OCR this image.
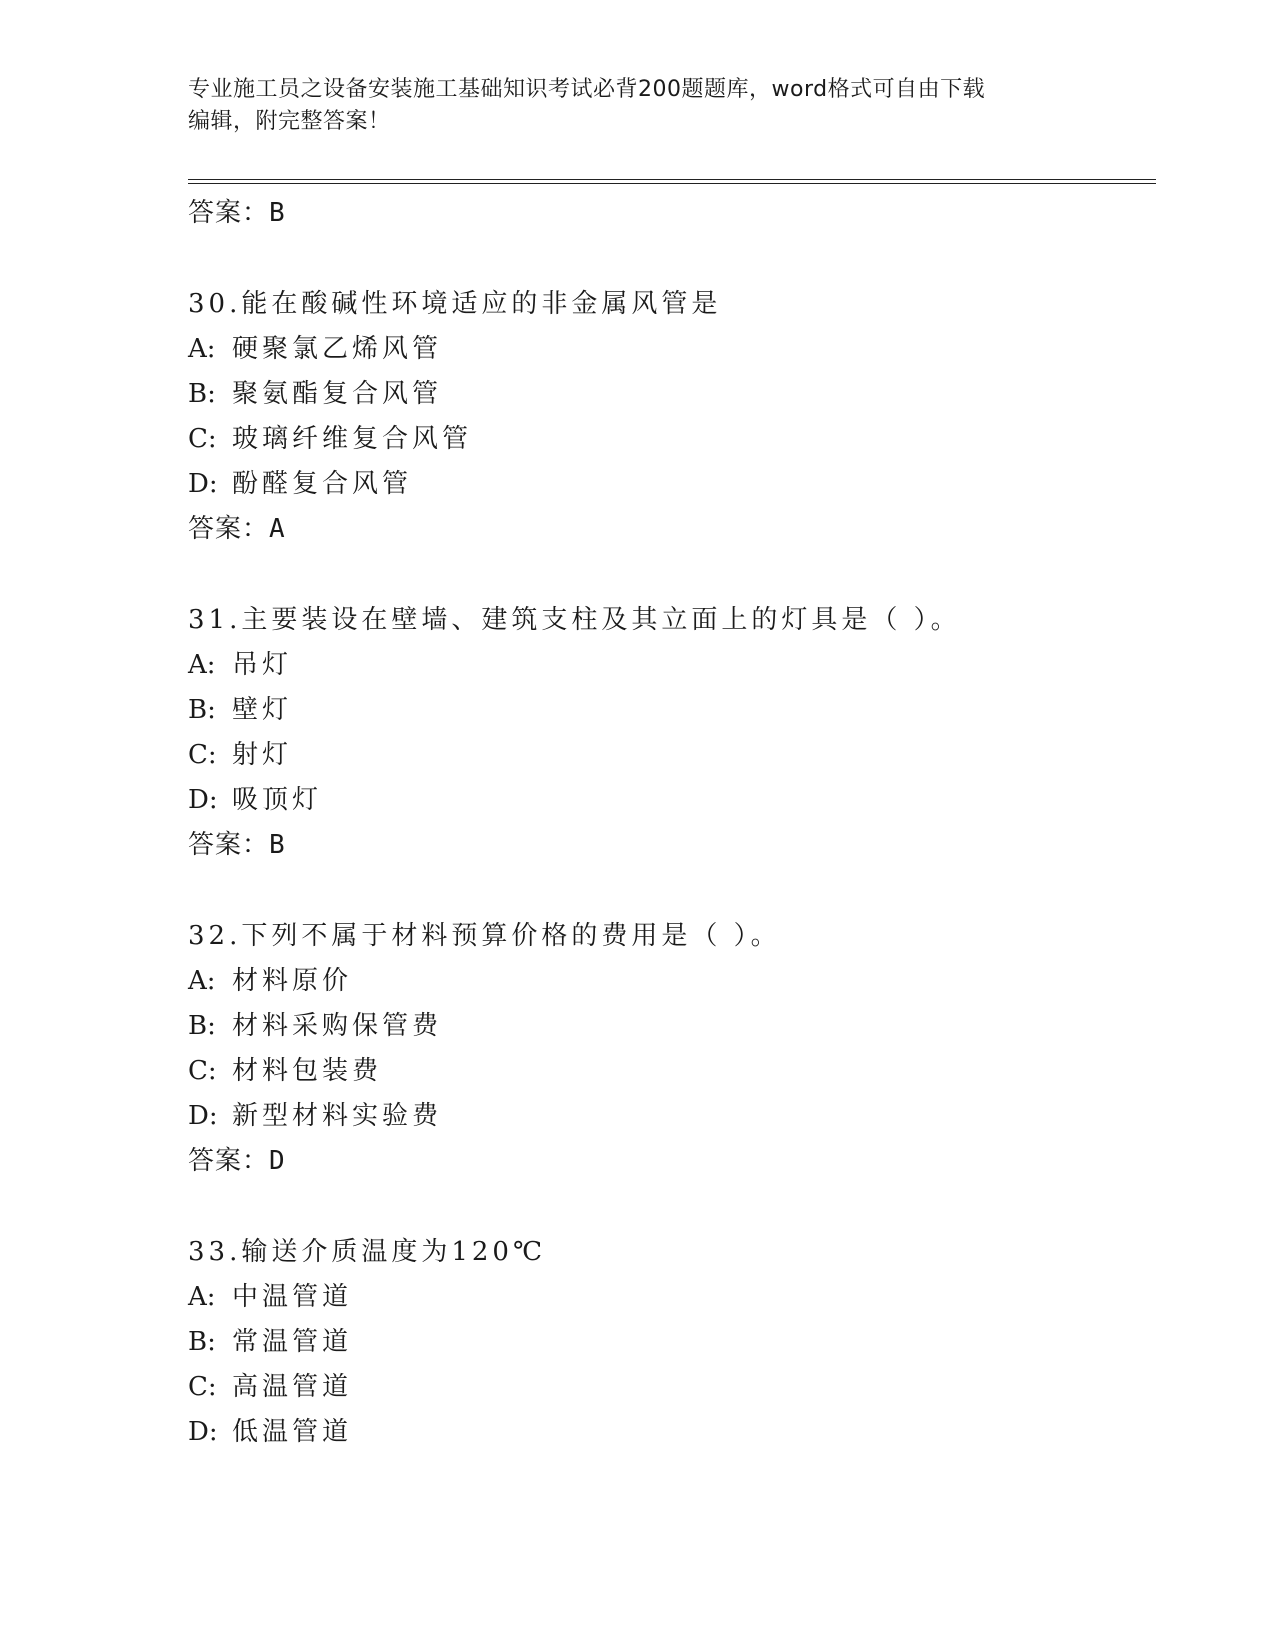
专业施工员之设备安装施工基础知识考试必背200题题库，word格式可自由下载
编辑，附完整答案！
答案：B
30.能在酸碱性环境适应的非金属风管是
A: 硬聚氯乙烯风管
B: 聚氨酯复合风管
C: 玻璃纤维复合风管
D: 酚醛复合风管
答案：A
31.主要装设在壁墙、建筑支柱及其立面上的灯具是（ ）。
A: 吊灯
B: 壁灯
C: 射灯
D: 吸顶灯
答案：B
32.下列不属于材料预算价格的费用是（ ）。
A: 材料原价
B: 材料采购保管费
C: 材料包装费
D: 新型材料实验费
答案：D
33.输送介质温度为120℃
A: 中温管道
B: 常温管道
C: 高温管道
D: 低温管道
